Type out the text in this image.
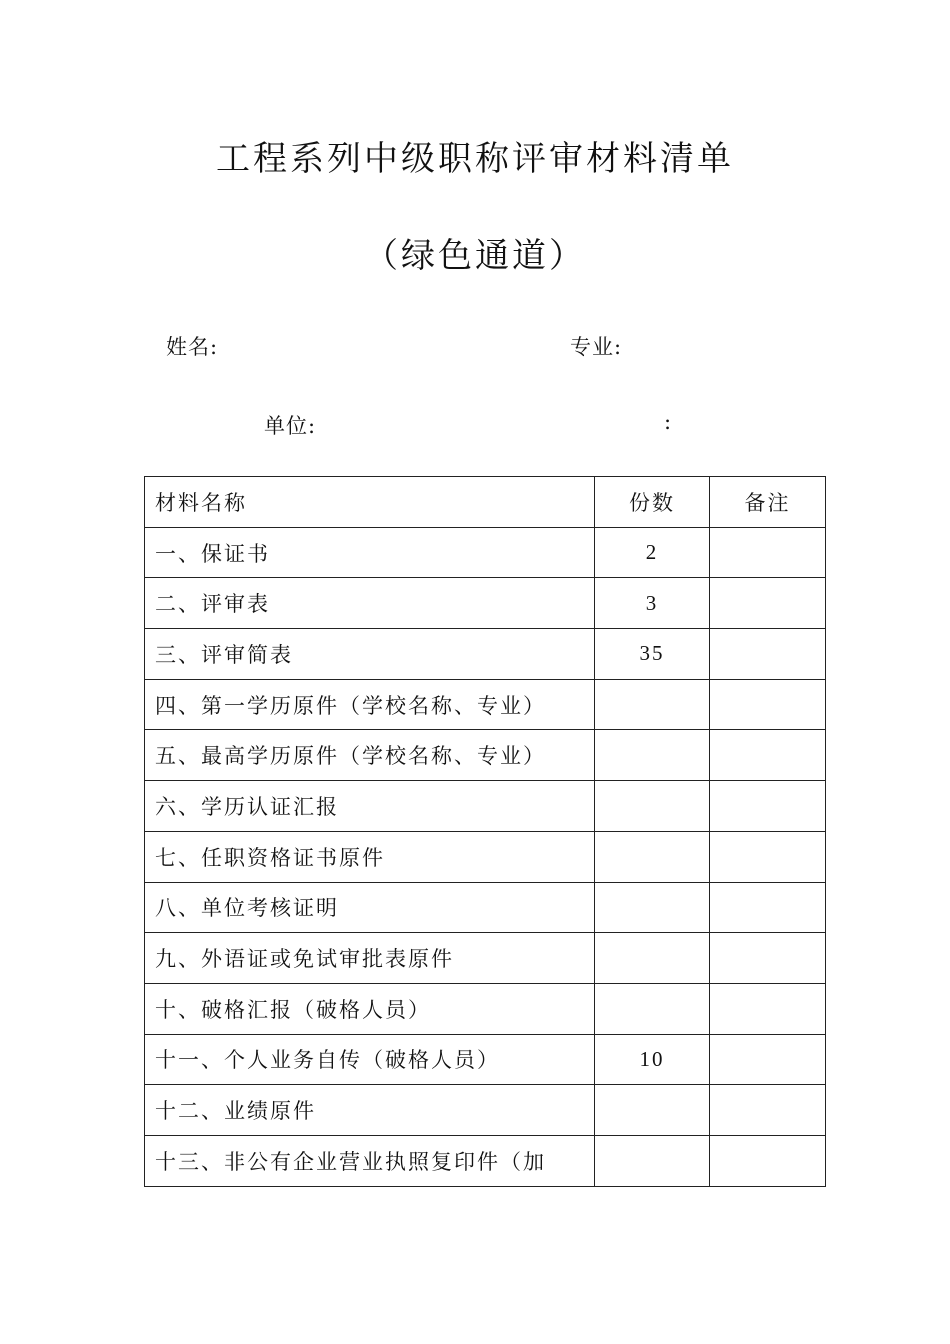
工程系列中级职称评审材料清单
（绿色通道）
姓名:	专业:
单位:	:
材料名称	份数	备注
一、保证书	2	
二、评审表	3	
三、评审简表	35	
四、第一学历原件（学校名称、专业）		
五、最高学历原件（学校名称、专业）		
六、学历认证汇报		
七、任职资格证书原件		
八、单位考核证明		
九、外语证或免试审批表原件		
十、破格汇报（破格人员）		
十一、个人业务自传（破格人员）	10	
十二、业绩原件		
十三、非公有企业营业执照复印件（加		
